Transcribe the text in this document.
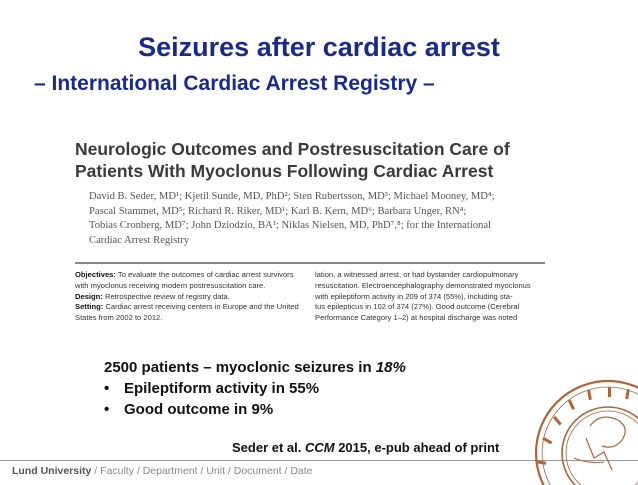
Seizures after cardiac arrest
– International Cardiac Arrest Registry –
Neurologic Outcomes and Postresuscitation Care of
Patients With Myoclonus Following Cardiac Arrest
David B. Seder, MD¹; Kjetil Sunde, MD, PhD²; Sten Rubertsson, MD³; Michael Mooney, MD⁴;
Pascal Stammet, MD⁵; Richard R. Riker, MD¹; Karl B. Kern, MD⁶; Barbara Unger, RN⁴;
Tobias Cronberg, MD⁷; John Dziodzio, BA¹; Niklas Nielsen, MD, PhD⁷,⁸; for the International
Cardiac Arrest Registry
Objectives: To evaluate the outcomes of cardiac arrest survivors
with myoclonus receiving modern postresuscitation care.
Design: Retrospective review of registry data.
Setting: Cardiac arrest receiving centers in Europe and the United
States from 2002 to 2012.
lation, a witnessed arrest, or had bystander cardiopulmonary
resuscitation. Electroencephalography demonstrated myoclonus
with epileptiform activity in 209 of 374 (55%), including sta-
tus epilepticus in 102 of 374 (27%). Good outcome (Cerebral
Performance Category 1–2) at hospital discharge was noted
2500 patients – myoclonic seizures in 18%
• Epileptiform activity in 55%
• Good outcome in 9%
Seder et al. CCM 2015, e-pub ahead of print
Lund University / Faculty / Department / Unit / Document / Date
